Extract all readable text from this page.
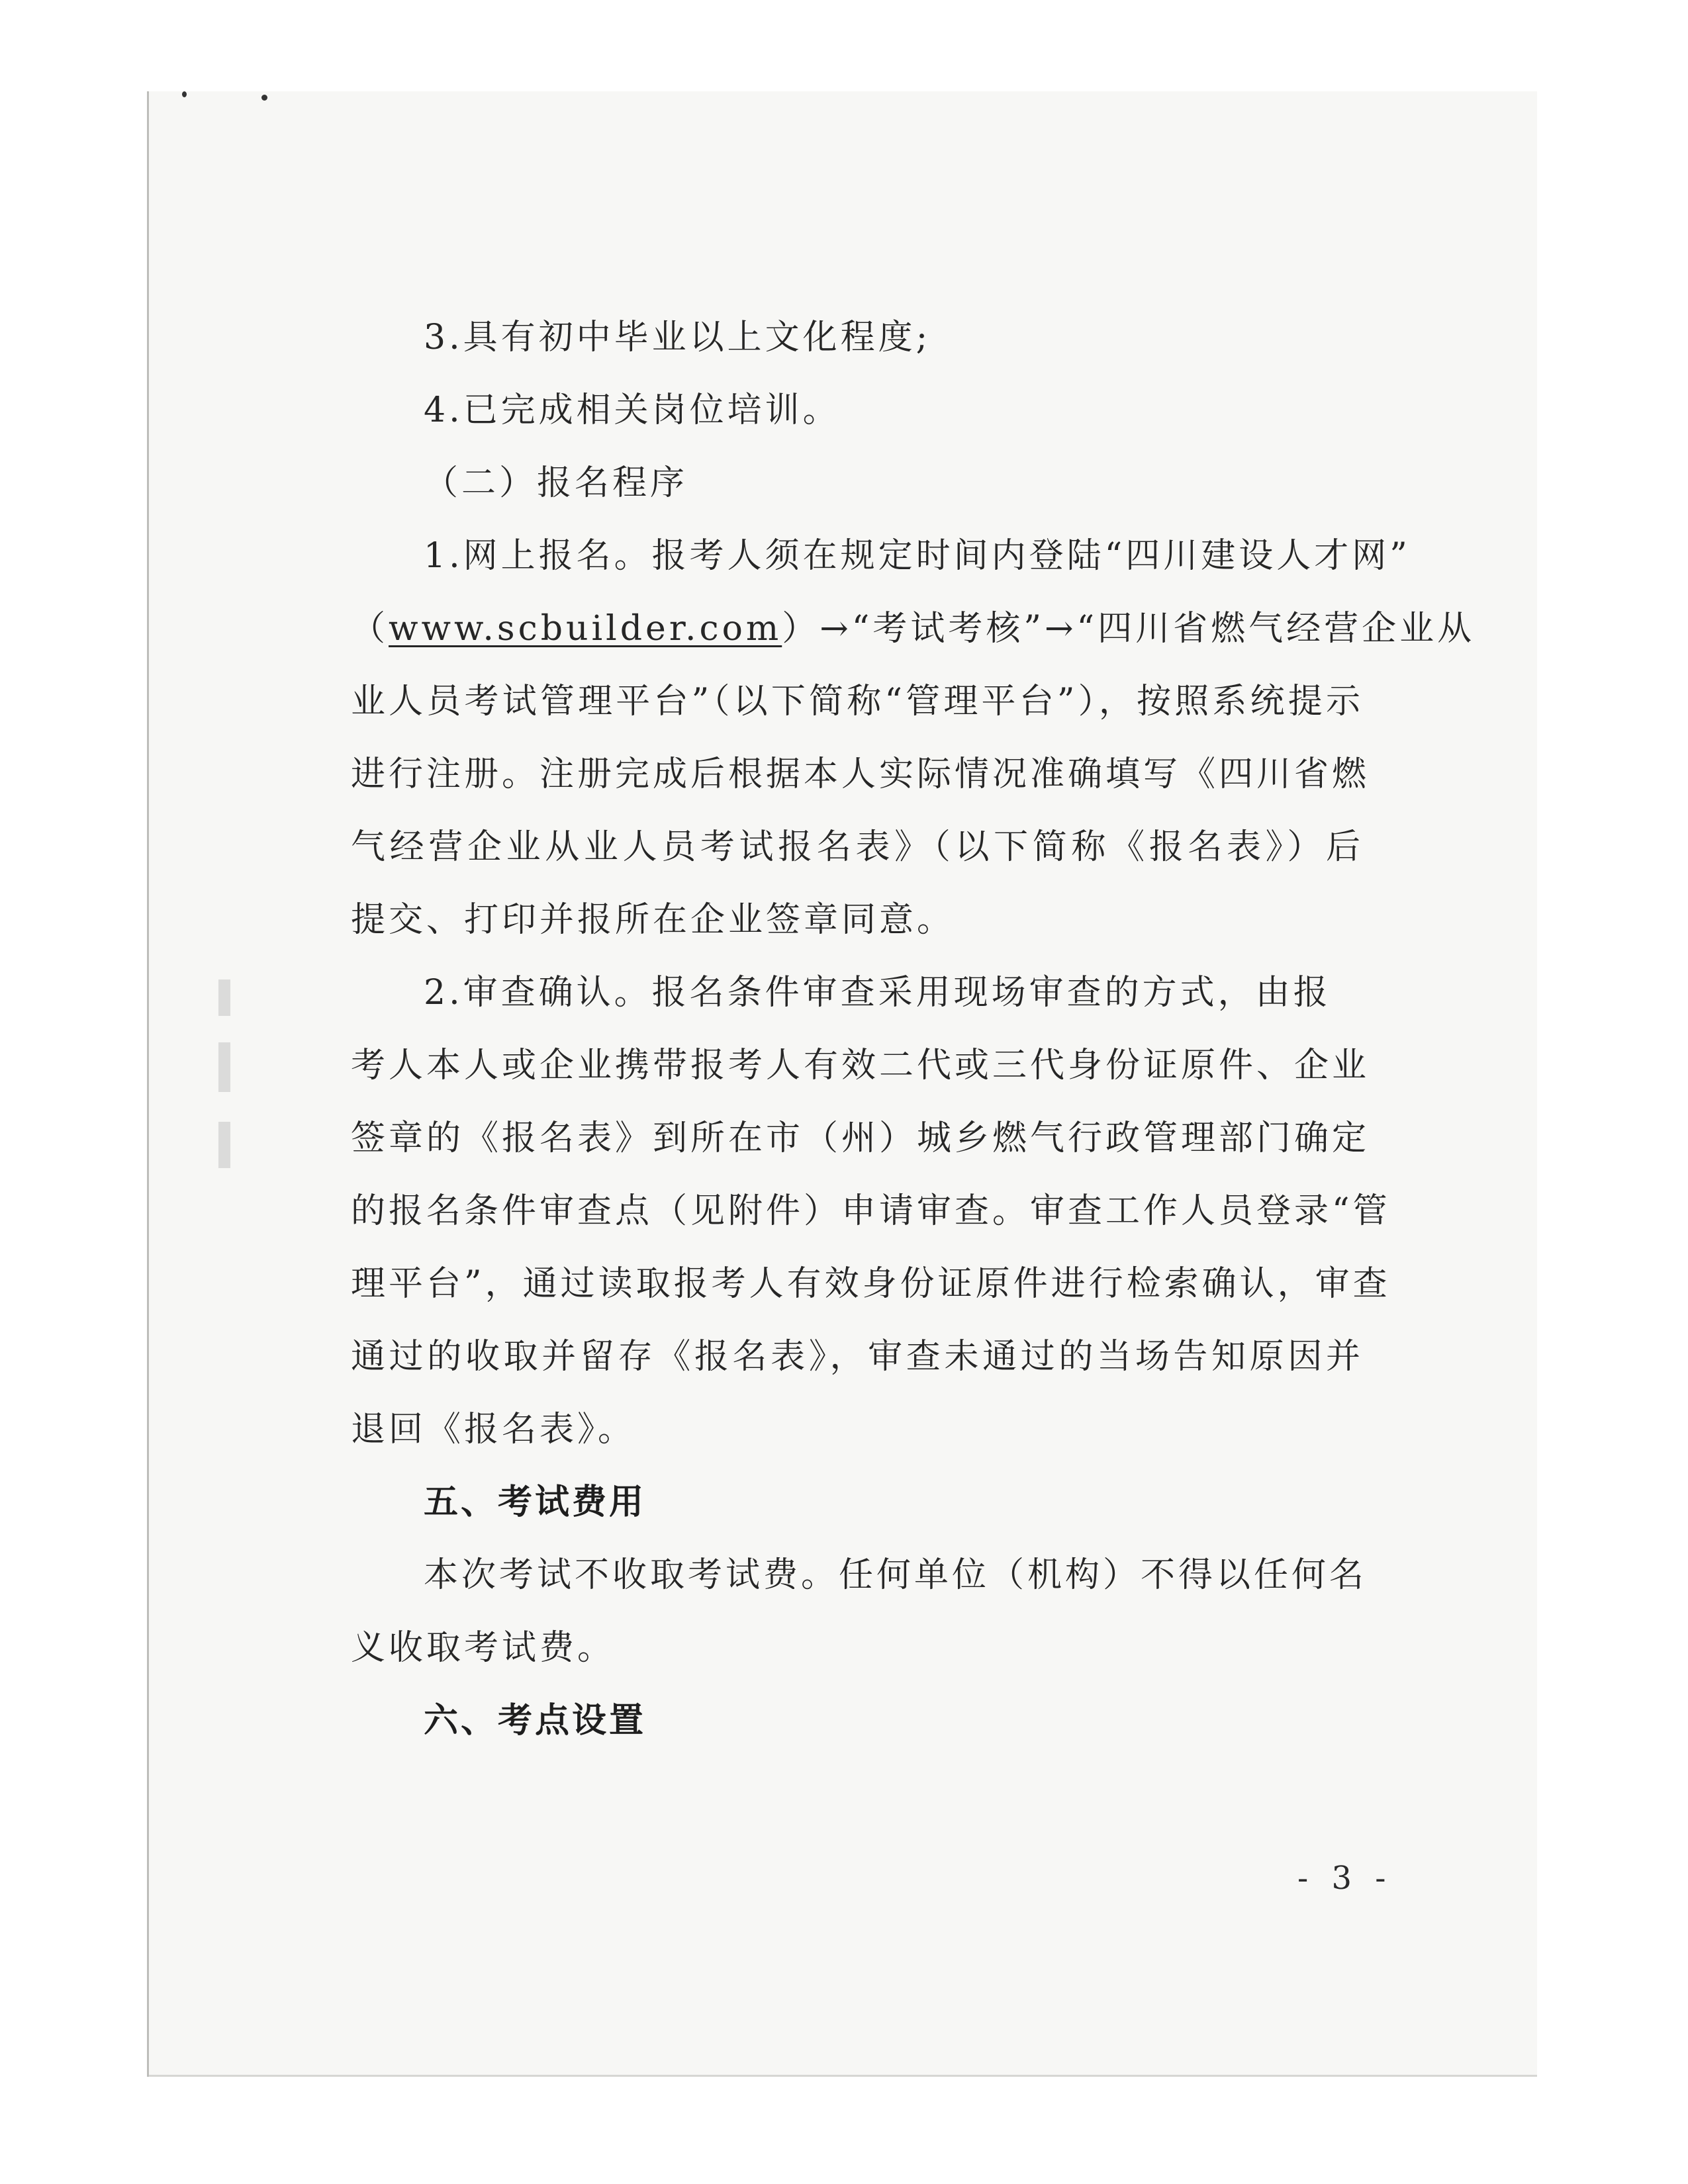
3.具有初中毕业以上文化程度;
4.已完成相关岗位培训。
（二）报名程序
1.网上报名。报考人须在规定时间内登陆“四川建设人才网”
（www.scbuilder.com）→“考试考核”→“四川省燃气经营企业从
业人员考试管理平台”（以下简称“管理平台”），按照系统提示
进行注册。注册完成后根据本人实际情况准确填写《四川省燃
气经营企业从业人员考试报名表》（以下简称《报名表》）后
提交、打印并报所在企业签章同意。
2.审查确认。报名条件审查采用现场审查的方式，由报
考人本人或企业携带报考人有效二代或三代身份证原件、企业
签章的《报名表》到所在市（州）城乡燃气行政管理部门确定
的报名条件审查点（见附件）申请审查。审查工作人员登录“管
理平台”，通过读取报考人有效身份证原件进行检索确认，审查
通过的收取并留存《报名表》，审查未通过的当场告知原因并
退回《报名表》。
五、考试费用
本次考试不收取考试费。任何单位（机构）不得以任何名
义收取考试费。
六、考点设置
- 3 -
